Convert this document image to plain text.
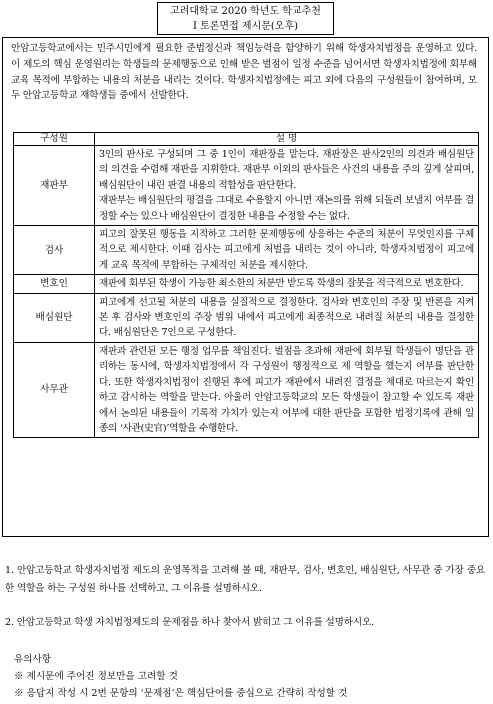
고려대학교 2020 학년도 학교추천
Ⅰ 토론면접 제시문(오후)
안암고등학교에서는 민주시민에게 필요한 준법정신과 책임능력을 함양하기 위해 학생자치법정을 운영하고 있다. 이 제도의 핵심 운영원리는 학생들의 문제행동으로 인해 받은 벌점이 일정 수준을 넘어서면 학생자치법정에 회부해 교육 목적에 부합하는 내용의 처분을 내리는 것이다. 학생자치법정에는 피고 외에 다음의 구성원들이 참여하며, 모두 안암고등학교 재학생들 중에서 선발한다.
구성원	설 명
재판부	3인의 판사로 구성되며 그 중 1인이 재판장을 맡는다. 재판장은 판사2인의 의견과 배심원단의 의견을 수렴해 재판을 지휘한다. 재판부 이외의 판사들은 사건의 내용을 주의 깊게 살피며, 배심원단이 내린 판결 내용의 적합성을 판단한다.
재판부는 배심원단의 평결을 그대로 수용할지 아니면 재논의를 위해 되돌려 보낼지 여부를 결정할 수는 있으나 배심원단이 결정한 내용을 수정할 수는 없다.

검사	피고의 잘못된 행동을 지적하고 그러한 문제행동에 상응하는 수준의 처분이 무엇인지를 구체적으로 제시한다. 이때 검사는 피고에게 처벌을 내리는 것이 아니라, 학생자치법정이 피고에게 교육 목적에 부합하는 구체적인 처분을 제시한다.
변호인	재판에 회부된 학생이 가능한 최소한의 처분만 받도록 학생의 잘못을 적극적으로 변호한다.
배심원단	피고에게 선고될 처분의 내용을 실질적으로 결정한다. 검사와 변호인의 주장 및 반론을 지켜본 후 검사와 변호인의 주장 범위 내에서 피고에게 최종적으로 내려질 처분의 내용을 결정한다. 배심원단은 7인으로 구성한다.
사무관	재판과 관련된 모든 행정 업무를 책임진다. 벌점을 초과해 재판에 회부될 학생들이 명단을 관리하는 동시에, 학생자치법정에서 각 구성원이 행정적으로 제 역할을 했는지 여부를 판단한다. 또한 학생자치법정이 진행된 후에 피고가 재판에서 내려진 결정을 제대로 따르는지 확인하고 감시하는 역할을 맡는다. 아울러 안암고등학교의 모든 학생들이 참고할 수 있도록 재판에서 논의된 내용들이 기록적 가치가 있는지 여부에 대한 판단을 포함한 법정기록에 관해 일종의 ‘사관(史官)’역할을 수행한다.
1. 안암고등학교 학생자치법정 제도의 운영목적을 고려해 볼 때, 재판부, 검사, 변호인, 배심원단, 사무관 중 가장 중요한 역할을 하는 구성원 하나를 선택하고, 그 이유를 설명하시오.
2. 안암고등학교 학생 자치법정제도의 문제점을 하나 찾아서 밝히고 그 이유를 설명하시오.
유의사항
※ 제시문에 주어진 정보만을 고려할 것
※ 응답지 작성 시 2번 문항의 ‘문제점’은 핵심단어를 중심으로 간략히 작성할 것
